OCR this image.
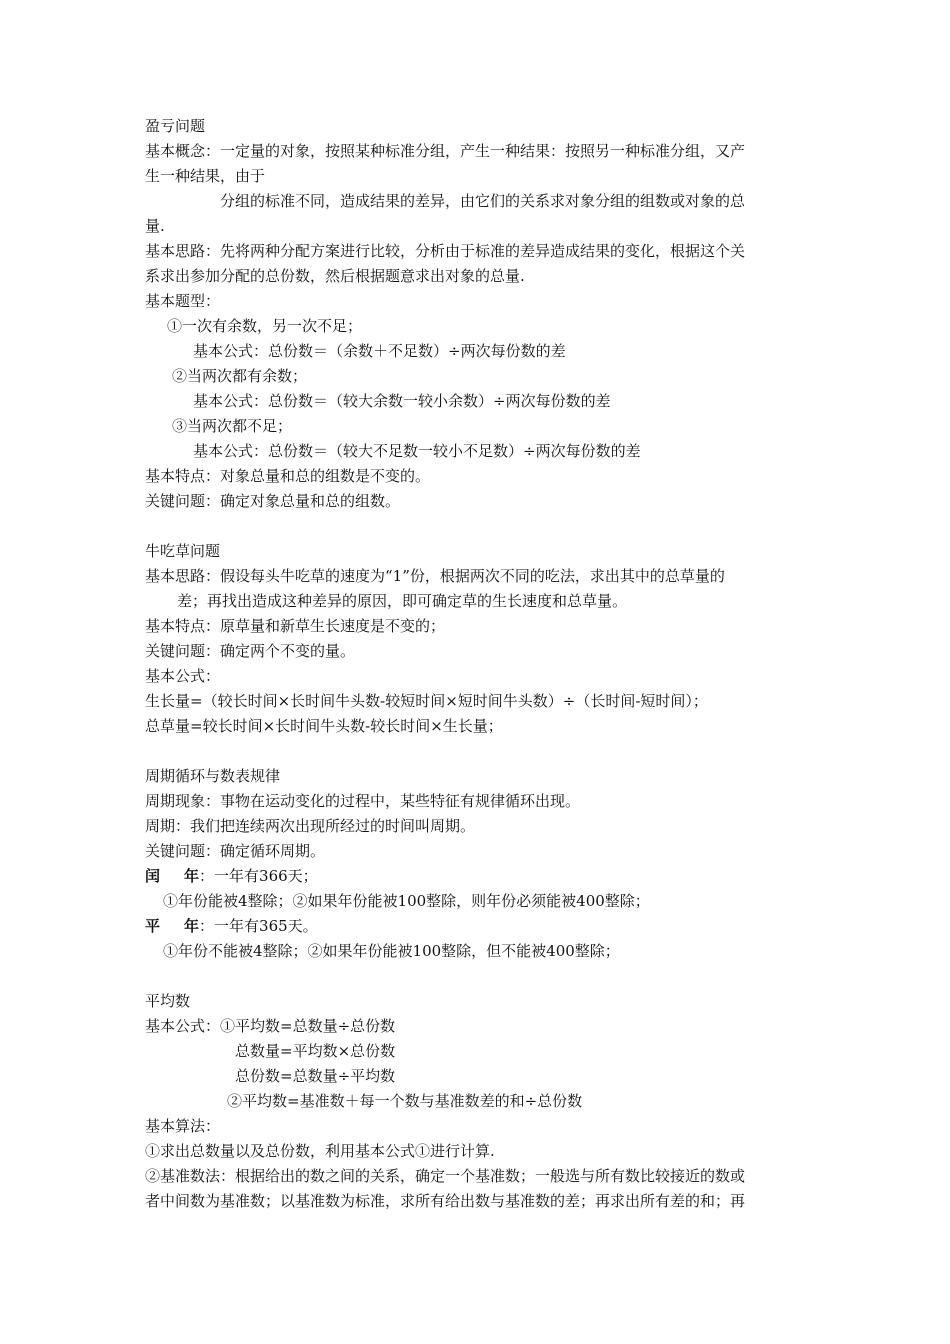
盈亏问题
基本概念：一定量的对象，按照某种标准分组，产生一种结果：按照另一种标准分组，又产
生一种结果，由于
分组的标准不同，造成结果的差异，由它们的关系求对象分组的组数或对象的总
量.
基本思路：先将两种分配方案进行比较，分析由于标准的差异造成结果的变化，根据这个关
系求出参加分配的总份数，然后根据题意求出对象的总量.
基本题型：
①一次有余数，另一次不足；
基本公式：总份数＝（余数＋不足数）÷两次每份数的差
②当两次都有余数；
基本公式：总份数＝（较大余数一较小余数）÷两次每份数的差
③当两次都不足；
基本公式：总份数＝（较大不足数一较小不足数）÷两次每份数的差
基本特点：对象总量和总的组数是不变的。
关键问题：确定对象总量和总的组数。
牛吃草问题
基本思路：假设每头牛吃草的速度为“1”份，根据两次不同的吃法，求出其中的总草量的
差；再找出造成这种差异的原因，即可确定草的生长速度和总草量。
基本特点：原草量和新草生长速度是不变的；
关键问题：确定两个不变的量。
基本公式：
生长量=（较长时间×长时间牛头数-较短时间×短时间牛头数）÷（长时间-短时间）；
总草量=较长时间×长时间牛头数-较长时间×生长量；
周期循环与数表规律
周期现象：事物在运动变化的过程中，某些特征有规律循环出现。
周期：我们把连续两次出现所经过的时间叫周期。
关键问题：确定循环周期。
闰 年：一年有366天；
①年份能被4整除；②如果年份能被100整除，则年份必须能被400整除；
平 年：一年有365天。
①年份不能被4整除；②如果年份能被100整除，但不能被400整除；
平均数
基本公式：①平均数=总数量÷总份数
总数量=平均数×总份数
总份数=总数量÷平均数
②平均数=基准数＋每一个数与基准数差的和÷总份数
基本算法：
①求出总数量以及总份数，利用基本公式①进行计算.
②基准数法：根据给出的数之间的关系，确定一个基准数；一般选与所有数比较接近的数或
者中间数为基准数；以基准数为标准，求所有给出数与基准数的差；再求出所有差的和；再
